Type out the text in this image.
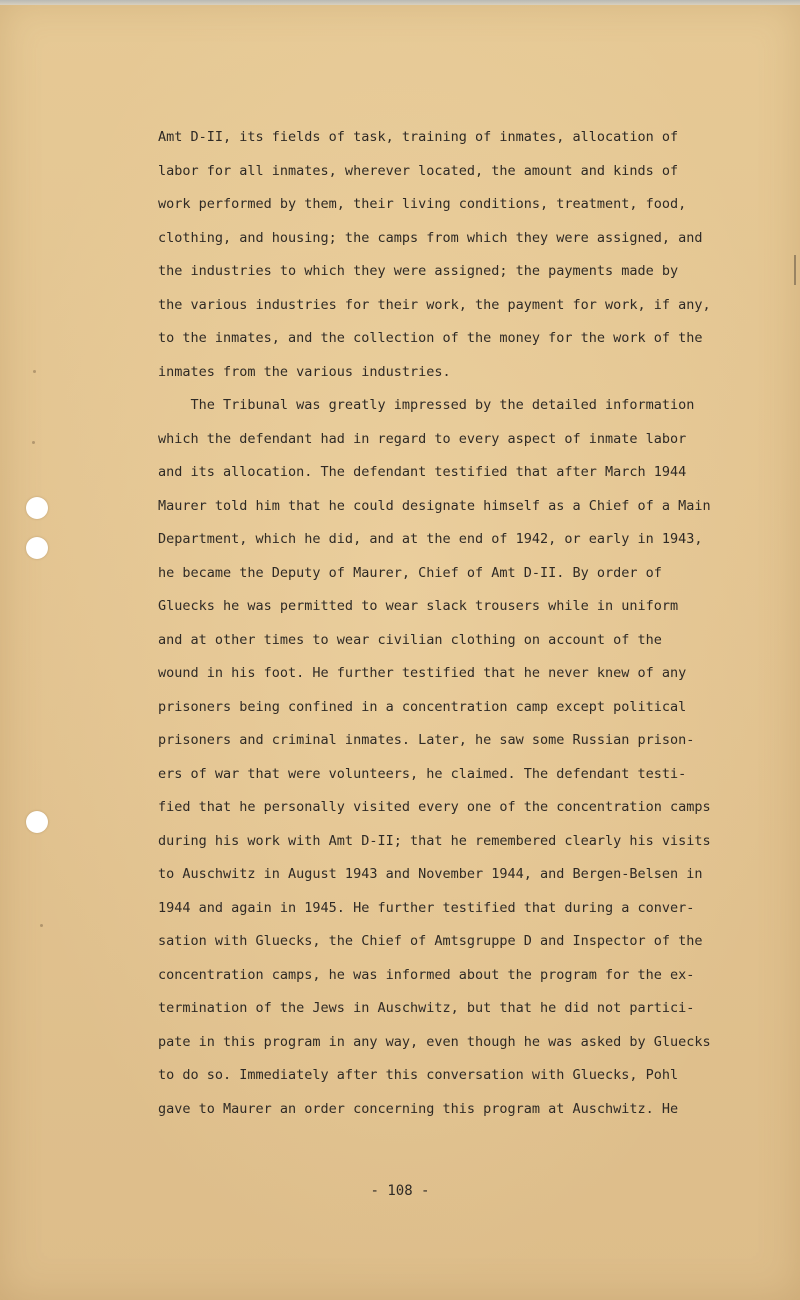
Amt D-II, its fields of task, training of inmates, allocation of
labor for all inmates, wherever located, the amount and kinds of
work performed by them, their living conditions, treatment, food,
clothing, and housing; the camps from which they were assigned, and
the industries to which they were assigned; the payments made by
the various industries for their work, the payment for work, if any,
to the inmates, and the collection of the money for the work of the
inmates from the various industries.
The Tribunal was greatly impressed by the detailed information
which the defendant had in regard to every aspect of inmate labor
and its allocation. The defendant testified that after March 1944
Maurer told him that he could designate himself as a Chief of a Main
Department, which he did, and at the end of 1942, or early in 1943,
he became the Deputy of Maurer, Chief of Amt D-II. By order of
Gluecks he was permitted to wear slack trousers while in uniform
and at other times to wear civilian clothing on account of the
wound in his foot. He further testified that he never knew of any
prisoners being confined in a concentration camp except political
prisoners and criminal inmates. Later, he saw some Russian prison-
ers of war that were volunteers, he claimed. The defendant testi-
fied that he personally visited every one of the concentration camps
during his work with Amt D-II; that he remembered clearly his visits
to Auschwitz in August 1943 and November 1944, and Bergen-Belsen in
1944 and again in 1945. He further testified that during a conver-
sation with Gluecks, the Chief of Amtsgruppe D and Inspector of the
concentration camps, he was informed about the program for the ex-
termination of the Jews in Auschwitz, but that he did not partici-
pate in this program in any way, even though he was asked by Gluecks
to do so. Immediately after this conversation with Gluecks, Pohl
gave to Maurer an order concerning this program at Auschwitz. He
- 108 -
